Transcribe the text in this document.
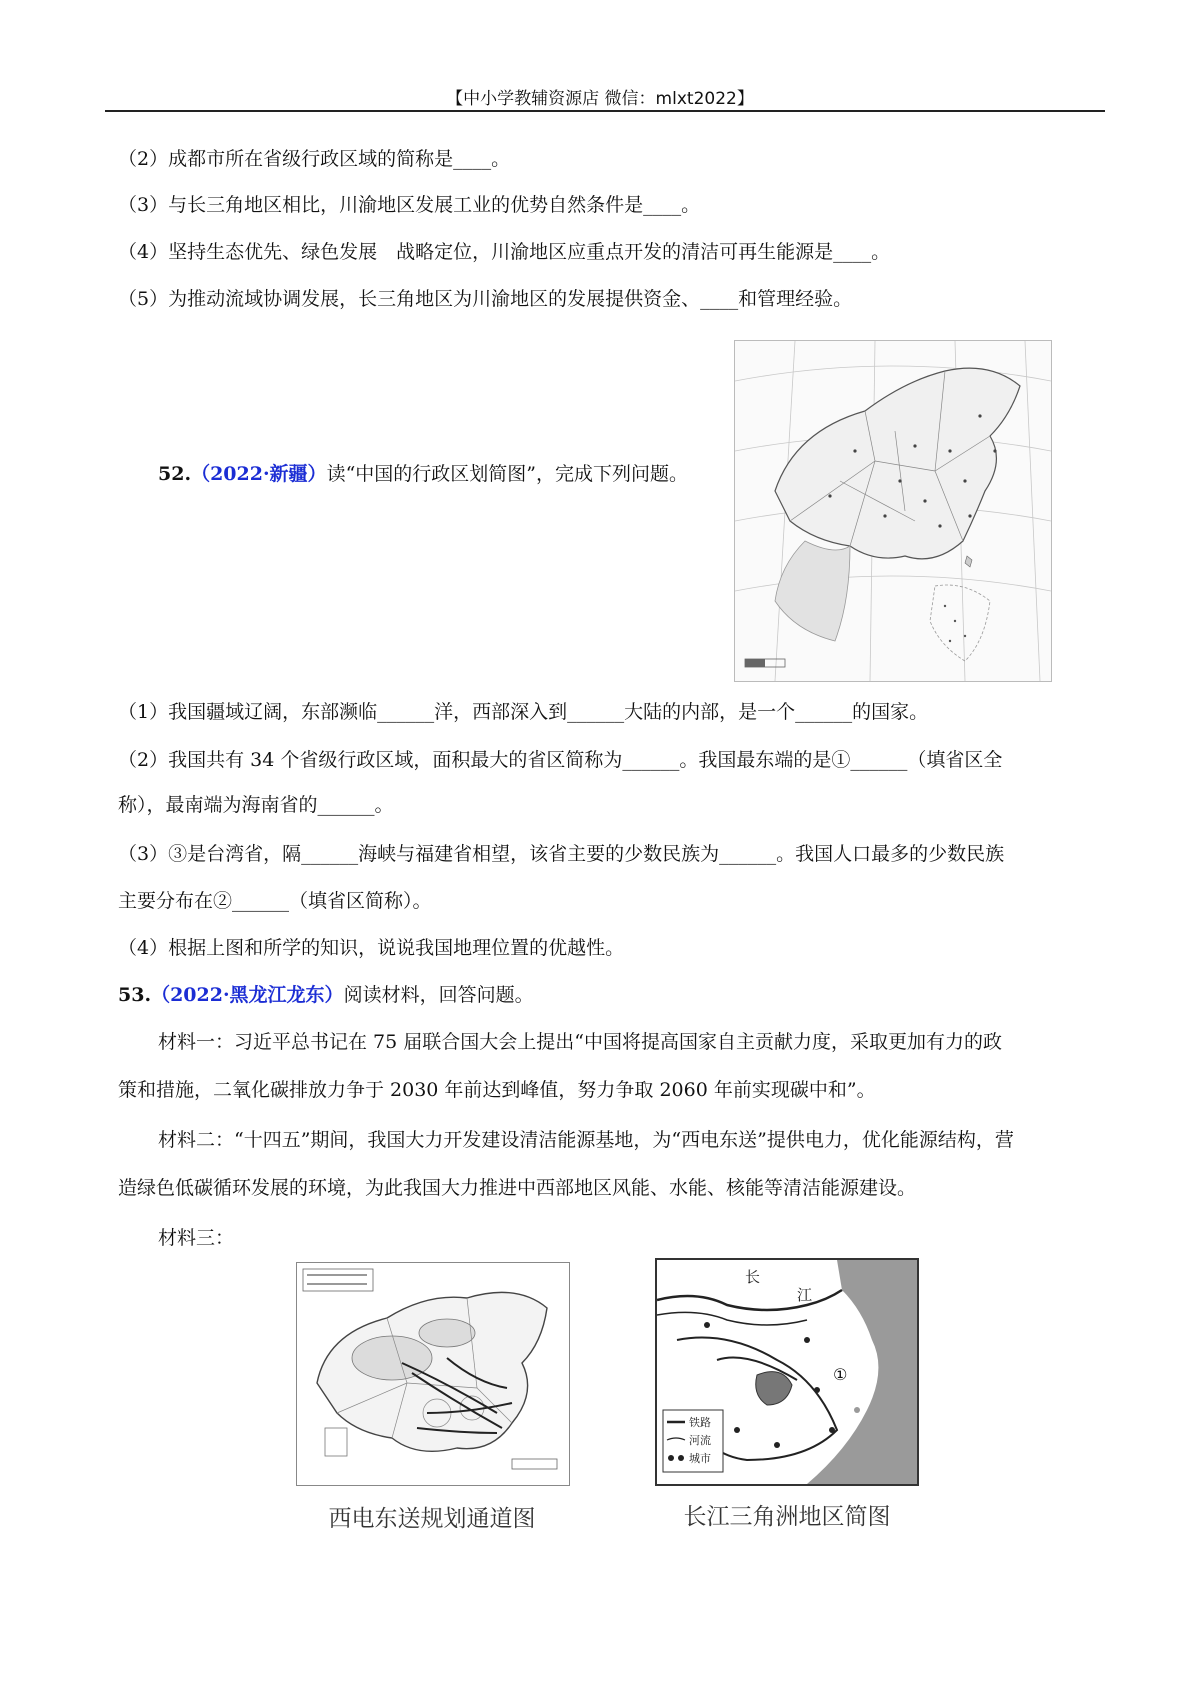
【中小学教辅资源店 微信：mlxt2022】
（2）成都市所在省级行政区域的简称是____。
（3）与长三角地区相比，川渝地区发展工业的优势自然条件是____。
（4）坚持生态优先、绿色发展　战略定位，川渝地区应重点开发的清洁可再生能源是____。
（5）为推动流域协调发展，长三角地区为川渝地区的发展提供资金、____和管理经验。
52.（2022·新疆）读“中国的行政区划简图”，完成下列问题。
（1）我国疆域辽阔，东部濒临______洋，西部深入到______大陆的内部，是一个______的国家。
（2）我国共有 34 个省级行政区域，面积最大的省区简称为______。我国最东端的是①______（填省区全
称），最南端为海南省的______。
（3）③是台湾省，隔______海峡与福建省相望，该省主要的少数民族为______。我国人口最多的少数民族
主要分布在②______（填省区简称）。
（4）根据上图和所学的知识，说说我国地理位置的优越性。
53.（2022·黑龙江龙东）阅读材料，回答问题。
材料一：习近平总书记在 75 届联合国大会上提出“中国将提高国家自主贡献力度，采取更加有力的政
策和措施，二氧化碳排放力争于 2030 年前达到峰值，努力争取 2060 年前实现碳中和”。
材料二：“十四五”期间，我国大力开发建设清洁能源基地，为“西电东送”提供电力，优化能源结构，营
造绿色低碳循环发展的环境，为此我国大力推进中西部地区风能、水能、核能等清洁能源建设。
材料三：
西电东送规划通道图
长
江
①
铁路
河流
城市
长江三角洲地区简图
